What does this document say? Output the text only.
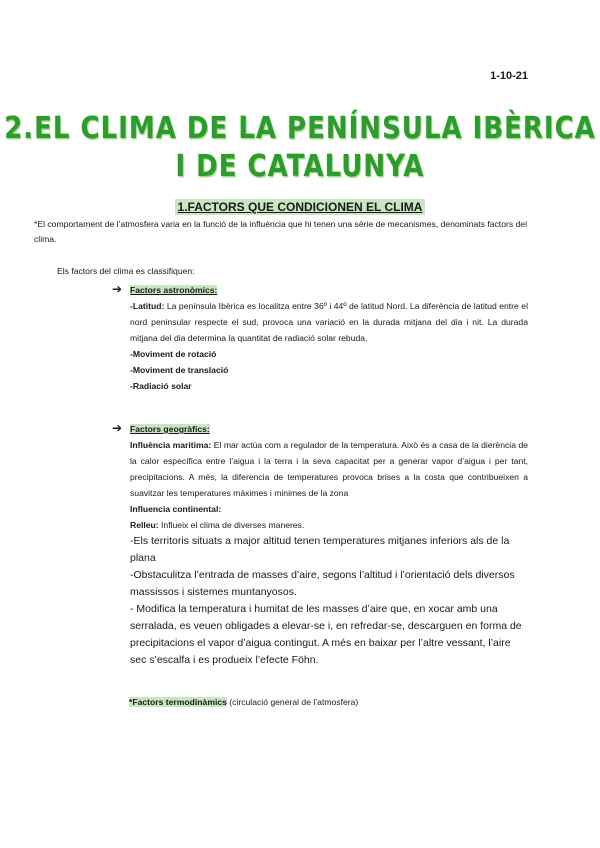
1-10-21
2.EL CLIMA DE LA PENÍNSULA IBÈRICA
I DE CATALUNYA
1.FACTORS QUE CONDICIONEN EL CLIMA
*El comportament de l’atmosfera varia en la funció de la influència que hi tenen una sèrie de mecanismes, denominats factors del clima.
Els factors del clima es classifiquen:
➔ Factors astronòmics:
-Latitud: La península Ibèrica es localitza entre 36º i 44º de latitud Nord. La diferència de latitud entre el nord peninsular respecte el sud, provoca una variació en la durada mitjana del dia i nit. La durada mitjana del dia determina la quantitat de radiació solar rebuda.
-Moviment de rotació
-Moviment de translació
-Radiació solar
➔ Factors geogràfics:
Influència maritima: El mar actúa com a regulador de la temperatura. Això és a casa de la dierència de la calor específica entre l’aigua i la terra i la seva capacitat per a generar vapor d’aigua i per tant, precipitacions. A més, la diferencia de temperatures provoca brises a la costa que contribueixen a suavitzar les temperatures màximes i minimes de la zona
Influencia continental:
Relleu: Influeix el clima de diverses maneres.
-Els territoris situats a major altitud tenen temperatures mitjanes inferiors als de la plana
-Obstaculitza l’entrada de masses d’aire, segons l’altitud i l’orientació dels diversos massissos i sistemes muntanyosos.
- Modifica la temperatura i humitat de les masses d’aire que, en xocar amb una serralada, es veuen obligades a elevar-se i, en refredar-se, descarguen en forma de precipitacions el vapor d’aigua contingut. A més en baixar per l’altre vessant, l’aire sec s’escalfa i es produeix l’efecte Föhn.
*Factors termodinàmics (circulació general de l’atmosfera)
